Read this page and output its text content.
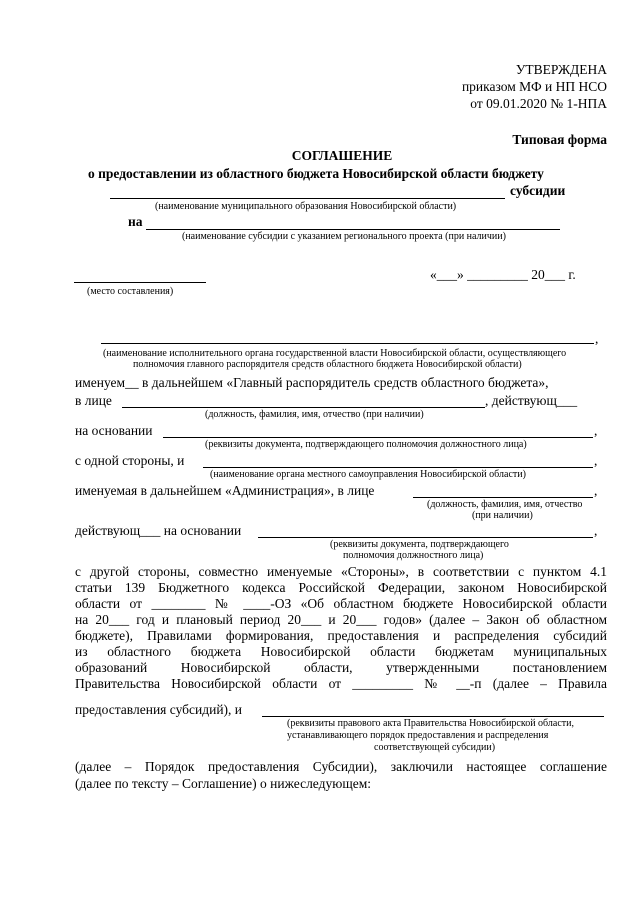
УТВЕРЖДЕНА
приказом МФ и НП НСО
от 09.01.2020 № 1-НПА
Типовая форма
СОГЛАШЕНИЕ
о предоставлении из областного бюджета Новосибирской области бюджету
субсидии
(наименование муниципального образования Новосибирской области)
на
(наименование субсидии с указанием регионального проекта (при наличии)
«___» _________ 20___ г.
(место составления)
,
(наименование исполнительного органа государственной власти Новосибирской области, осуществляющего
полномочия главного распорядителя средств областного бюджета Новосибирской области)
именуем__ в дальнейшем «Главный распорядитель средств областного бюджета»,
в лице	, действующ___
(должность, фамилия, имя, отчество (при наличии)
на основании	,
(реквизиты документа, подтверждающего полномочия должностного лица)
с одной стороны, и	,
(наименование органа местного самоуправления Новосибирской области)
именуемая в дальнейшем «Администрация», в лице	,
(должность, фамилия, имя, отчество
(при наличии)
действующ___ на основании	,
(реквизиты документа, подтверждающего
полномочия должностного лица)
с другой стороны, совместно именуемые «Стороны», в соответствии с пунктом 4.1
статьи 139 Бюджетного кодекса Российской Федерации, законом Новосибирской
области от ________ № ____-ОЗ «Об областном бюджете Новосибирской области
на 20___ год и плановый период 20___ и 20___ годов» (далее – Закон об областном
бюджете), Правилами формирования, предоставления и распределения субсидий
из областного бюджета Новосибирской области бюджетам муниципальных
образований Новосибирской области, утвержденными постановлением
Правительства Новосибирской области от _________ № __-п (далее – Правила
предоставления субсидий), и
(реквизиты правового акта Правительства Новосибирской области,
устанавливающего порядок предоставления и распределения
соответствующей субсидии)
(далее – Порядок предоставления Субсидии), заключили настоящее соглашение
(далее по тексту – Соглашение) о нижеследующем:
